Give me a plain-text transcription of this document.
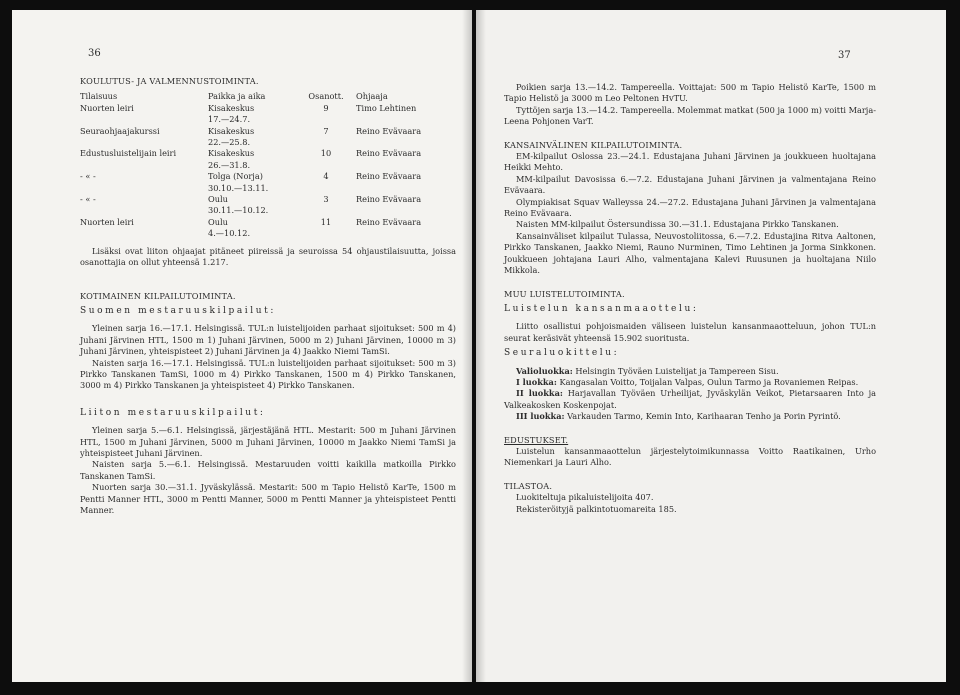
36

KOULUTUS- JA VALMENNUSTOIMINTA.

Tilaisuus	Paikka ja aika	Osanott.	Ohjaaja
Nuorten leiri	Kisakeskus	9	Timo Lehtinen
	17.—24.7.		
Seuraohjaajakurssi	Kisakeskus	7	Reino Evävaara
	22.—25.8.		
Edustusluistelijain leiri	Kisakeskus	10	Reino Evävaara
	26.—31.8.		
- « -	Tolga (Norja)	4	Reino Evävaara
	30.10.—13.11.		
- « -	Oulu	3	Reino Evävaara
	30.11.—10.12.		
Nuorten leiri	Oulu	11	Reino Evävaara
	4.—10.12.		

Lisäksi ovat liiton ohjaajat pitäneet piireissä ja seuroissa 54 ohjaustilaisuutta, joissa osanottajia on ollut yhteensä 1.217.

KOTIMAINEN KILPAILUTOIMINTA.

Suomen mestaruuskilpailut:

Yleinen sarja 16.—17.1. Helsingissä. TUL:n luistelijoiden parhaat sijoitukset: 500 m 4) Juhani Järvinen HTL, 1500 m 1) Juhani Järvinen, 5000 m 2) Juhani Järvinen, 10000 m 3) Juhani Järvinen, yhteispisteet 2) Juhani Järvinen ja 4) Jaakko Niemi TamSi.

Naisten sarja 16.—17.1. Helsingissä. TUL:n luistelijoiden parhaat sijoitukset: 500 m 3) Pirkko Tanskanen TamSi, 1000 m 4) Pirkko Tanskanen, 1500 m 4) Pirkko Tanskanen, 3000 m 4) Pirkko Tanskanen ja yhteispisteet 4) Pirkko Tanskanen.

Liiton mestaruuskilpailut:

Yleinen sarja 5.—6.1. Helsingissä, järjestäjänä HTL. Mestarit: 500 m Juhani Järvinen HTL, 1500 m Juhani Järvinen, 5000 m Juhani Järvinen, 10000 m Jaakko Niemi TamSi ja yhteispisteet Juhani Järvinen.

Naisten sarja 5.—6.1. Helsingissä. Mestaruuden voitti kaikilla matkoilla Pirkko Tanskanen TamSi.

Nuorten sarja 30.—31.1. Jyväskylässä. Mestarit: 500 m Tapio Helistö KarTe, 1500 m Pentti Manner HTL, 3000 m Pentti Manner, 5000 m Pentti Manner ja yhteispisteet Pentti Manner.

37

Poikien sarja 13.—14.2. Tampereella. Voittajat: 500 m Tapio Helistö KarTe, 1500 m Tapio Helistö ja 3000 m Leo Peltonen HvTU.

Tyttöjen sarja 13.—14.2. Tampereella. Molemmat matkat (500 ja 1000 m) voitti Marja-Leena Pohjonen VarT.

KANSAINVÄLINEN KILPAILUTOIMINTA.

EM-kilpailut Oslossa 23.—24.1. Edustajana Juhani Järvinen ja joukkueen huoltajana Heikki Mehto.

MM-kilpailut Davosissa 6.—7.2. Edustajana Juhani Järvinen ja valmentajana Reino Evävaara.

Olympiakisat Squav Walleyssa 24.—27.2. Edustajana Juhani Järvinen ja valmentajana Reino Evävaara.

Naisten MM-kilpailut Östersundissa 30.—31.1. Edustajana Pirkko Tanskanen.

Kansainväliset kilpailut Tulassa, Neuvostoliitossa, 6.—7.2. Edustajina Ritva Aaltonen, Pirkko Tanskanen, Jaakko Niemi, Rauno Nurminen, Timo Lehtinen ja Jorma Sinkkonen. Joukkueen johtajana Lauri Alho, valmentajana Kalevi Ruusunen ja huoltajana Niilo Mikkola.

MUU LUISTELUTOIMINTA.

Luistelun kansanmaaottelu:

Liitto osallistui pohjoismaiden väliseen luistelun kansanmaaotteluun, johon TUL:n seurat keräsivät yhteensä 15.902 suoritusta.

Seuraluokittelu:

Valioluokka: Helsingin Työväen Luistelijat ja Tampereen Sisu.

I luokka: Kangasalan Voitto, Toijalan Valpas, Oulun Tarmo ja Rovaniemen Reipas.

II luokka: Harjavallan Työväen Urheilijat, Jyväskylän Veikot, Pietarsaaren Into ja Valkeakosken Koskenpojat.

III luokka: Varkauden Tarmo, Kemin Into, Karihaaran Tenho ja Porin Pyrintö.

EDUSTUKSET.

Luistelun kansanmaaottelun järjestelytoimikunnassa Voitto Raatikainen, Urho Niemenkari ja Lauri Alho.

TILASTOA.

Luokiteltuja pikaluistelijoita 407.

Rekisteröityjä palkintotuomareita 185.
